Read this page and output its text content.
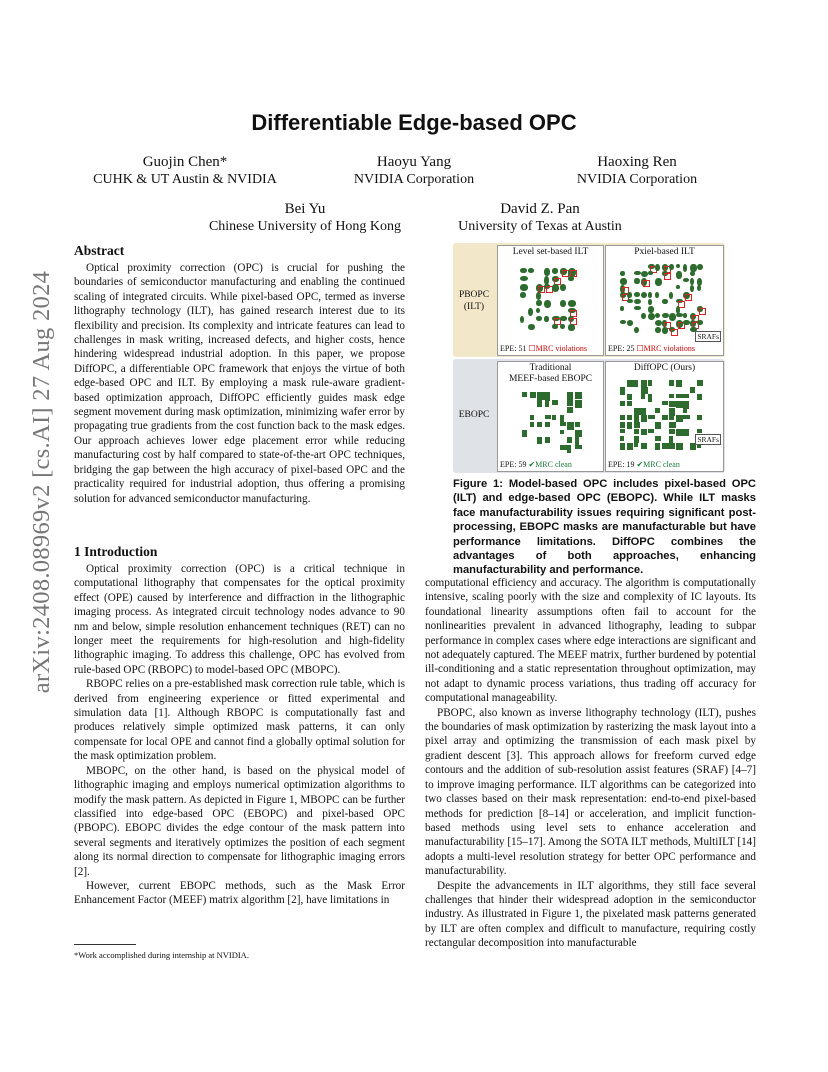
arXiv:2408.08969v2 [cs.AI] 27 Aug 2024
Differentiable Edge-based OPC
Guojin Chen*
CUHK & UT Austin & NVIDIA
Haoyu Yang
NVIDIA Corporation
Haoxing Ren
NVIDIA Corporation
Bei Yu
Chinese University of Hong Kong
David Z. Pan
University of Texas at Austin
Abstract

Optical proximity correction (OPC) is crucial for pushing the boundaries of semiconductor manufacturing and enabling the continued scaling of integrated circuits. While pixel-based OPC, termed as inverse lithography technology (ILT), has gained research interest due to its flexibility and precision. Its complexity and intricate features can lead to challenges in mask writing, increased defects, and higher costs, hence hindering widespread industrial adoption. In this paper, we propose DiffOPC, a differentiable OPC framework that enjoys the virtue of both edge-based OPC and ILT. By employing a mask rule-aware gradient-based optimization approach, DiffOPC efficiently guides mask edge segment movement during mask optimization, minimizing wafer error by propagating true gradients from the cost function back to the mask edges. Our approach achieves lower edge placement error while reducing manufacturing cost by half compared to state-of-the-art OPC techniques, bridging the gap between the high accuracy of pixel-based OPC and the practicality required for industrial adoption, thus offering a promising solution for advanced semiconductor manufacturing.

1 Introduction

Optical proximity correction (OPC) is a critical technique in computational lithography that compensates for the optical proximity effect (OPE) caused by interference and diffraction in the lithographic imaging process. As integrated circuit technology nodes advance to 90 nm and below, simple resolution enhancement techniques (RET) can no longer meet the requirements for high-resolution and high-fidelity lithographic imaging. To address this challenge, OPC has evolved from rule-based OPC (RBOPC) to model-based OPC (MBOPC).

RBOPC relies on a pre-established mask correction rule table, which is derived from engineering experience or fitted experimental and simulation data [1]. Although RBOPC is computationally fast and produces relatively simple optimized mask patterns, it can only compensate for local OPE and cannot find a globally optimal solution for the mask optimization problem.

MBOPC, on the other hand, is based on the physical model of lithographic imaging and employs numerical optimization algorithms to modify the mask pattern. As depicted in Figure 1, MBOPC can be further classified into edge-based OPC (EBOPC) and pixel-based OPC (PBOPC). EBOPC divides the edge contour of the mask pattern into several segments and iteratively optimizes the position of each segment along its normal direction to compensate for lithographic imaging errors [2].

However, current EBOPC methods, such as the Mask Error Enhancement Factor (MEEF) matrix algorithm [2], have limitations in

*Work accomplished during internship at NVIDIA.
PBOPC
(ILT)
EBOPC
Level set-based ILT
EPE: 51 ☐MRC violations
Pxiel-based ILT
SRAFs
EPE: 25 ☐MRC violations
Traditional
MEEF-based EBOPC
EPE: 59 ✔MRC clean
DiffOPC (Ours)
SRAFs
EPE: 19 ✔MRC clean
Figure 1: Model-based OPC includes pixel-based OPC (ILT) and edge-based OPC (EBOPC). While ILT masks face manufacturability issues requiring significant post-processing, EBOPC masks are manufacturable but have performance limitations. DiffOPC combines the advantages of both approaches, enhancing manufacturability and performance.

computational efficiency and accuracy. The algorithm is computationally intensive, scaling poorly with the size and complexity of IC layouts. Its foundational linearity assumptions often fail to account for the nonlinearities prevalent in advanced lithography, leading to subpar performance in complex cases where edge interactions are significant and not adequately captured. The MEEF matrix, further burdened by potential ill-conditioning and a static representation throughout optimization, may not adapt to dynamic process variations, thus trading off accuracy for computational manageability.

PBOPC, also known as inverse lithography technology (ILT), pushes the boundaries of mask optimization by rasterizing the mask layout into a pixel array and optimizing the transmission of each mask pixel by gradient descent [3]. This approach allows for freeform curved edge contours and the addition of sub-resolution assist features (SRAF) [4–7] to improve imaging performance. ILT algorithms can be categorized into two classes based on their mask representation: end-to-end pixel-based methods for prediction [8–14] or acceleration, and implicit function-based methods using level sets to enhance acceleration and manufacturability [15–17]. Among the SOTA ILT methods, MultiILT [14] adopts a multi-level resolution strategy for better OPC performance and manufacturability.

Despite the advancements in ILT algorithms, they still face several challenges that hinder their widespread adoption in the semiconductor industry. As illustrated in Figure 1, the pixelated mask patterns generated by ILT are often complex and difficult to manufacture, requiring costly rectangular decomposition into manufacturable
